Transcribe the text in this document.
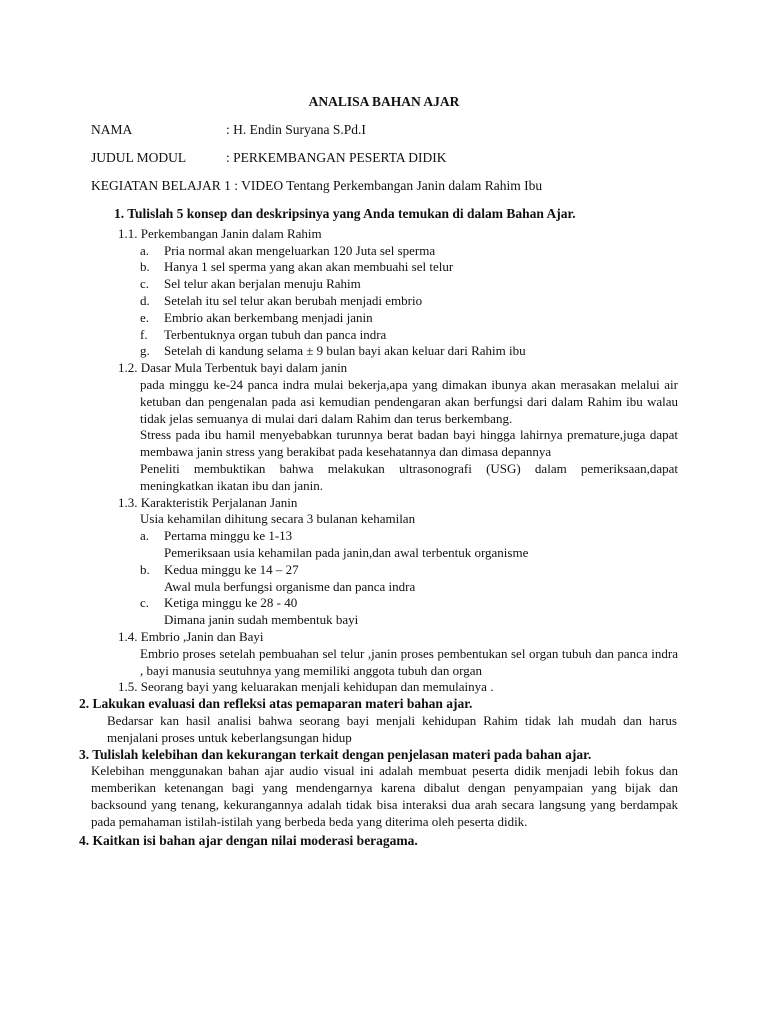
ANALISA BAHAN AJAR
NAMA	: H. Endin Suryana S.Pd.I
JUDUL MODUL	: PERKEMBANGAN PESERTA DIDIK
KEGIATAN BELAJAR 1 : VIDEO Tentang Perkembangan Janin dalam Rahim Ibu

1. Tulislah 5 konsep dan deskripsinya yang Anda temukan di dalam Bahan Ajar.

1.1. Perkembangan Janin dalam Rahim

a. Pria normal akan mengeluarkan 120 Juta sel sperma
b. Hanya 1 sel sperma yang akan akan membuahi sel telur
c. Sel telur akan berjalan menuju Rahim
d. Setelah itu sel telur akan berubah menjadi embrio
e. Embrio akan berkembang menjadi janin
f. Terbentuknya organ tubuh dan panca indra
g. Setelah di kandung selama ± 9 bulan bayi akan keluar dari Rahim ibu

1.2. Dasar Mula Terbentuk bayi dalam janin

pada minggu ke-24 panca indra mulai bekerja,apa yang dimakan ibunya akan merasakan melalui air ketuban dan pengenalan pada asi kemudian pendengaran akan berfungsi dari dalam Rahim ibu walau tidak jelas semuanya di mulai dari dalam Rahim dan terus berkembang.

Stress pada ibu hamil menyebabkan turunnya berat badan bayi hingga lahirnya premature,juga dapat membawa janin stress yang berakibat pada kesehatannya dan dimasa depannya

Peneliti membuktikan bahwa melakukan ultrasonografi (USG) dalam pemeriksaan,dapat meningkatkan ikatan ibu dan janin.

1.3. Karakteristik Perjalanan Janin

Usia kehamilan dihitung secara 3 bulanan kehamilan

a. Pertama minggu ke 1-13
Pemeriksaan usia kehamilan pada janin,dan awal terbentuk organisme
b. Kedua minggu ke 14 – 27
Awal mula berfungsi organisme dan panca indra
c. Ketiga minggu ke 28 - 40
Dimana janin sudah membentuk bayi

1.4. Embrio ,Janin dan Bayi

Embrio proses setelah pembuahan sel telur ,janin proses pembentukan sel organ tubuh dan panca indra , bayi manusia seutuhnya yang memiliki anggota tubuh dan organ

1.5. Seorang bayi yang keluarakan menjali kehidupan dan memulainya .

2. Lakukan evaluasi dan refleksi atas pemaparan materi bahan ajar.

Bedarsar kan hasil analisi bahwa seorang bayi menjali kehidupan Rahim tidak lah mudah dan harus menjalani proses untuk keberlangsungan hidup

3. Tulislah kelebihan dan kekurangan terkait dengan penjelasan materi pada bahan ajar.

Kelebihan menggunakan bahan ajar audio visual ini adalah membuat peserta didik menjadi lebih fokus dan memberikan ketenangan bagi yang mendengarnya karena dibalut dengan penyampaian yang bijak dan backsound yang tenang, kekurangannya adalah tidak bisa interaksi dua arah secara langsung yang berdampak pada pemahaman istilah-istilah yang berbeda beda yang diterima oleh peserta didik.

4. Kaitkan isi bahan ajar dengan nilai moderasi beragama.
